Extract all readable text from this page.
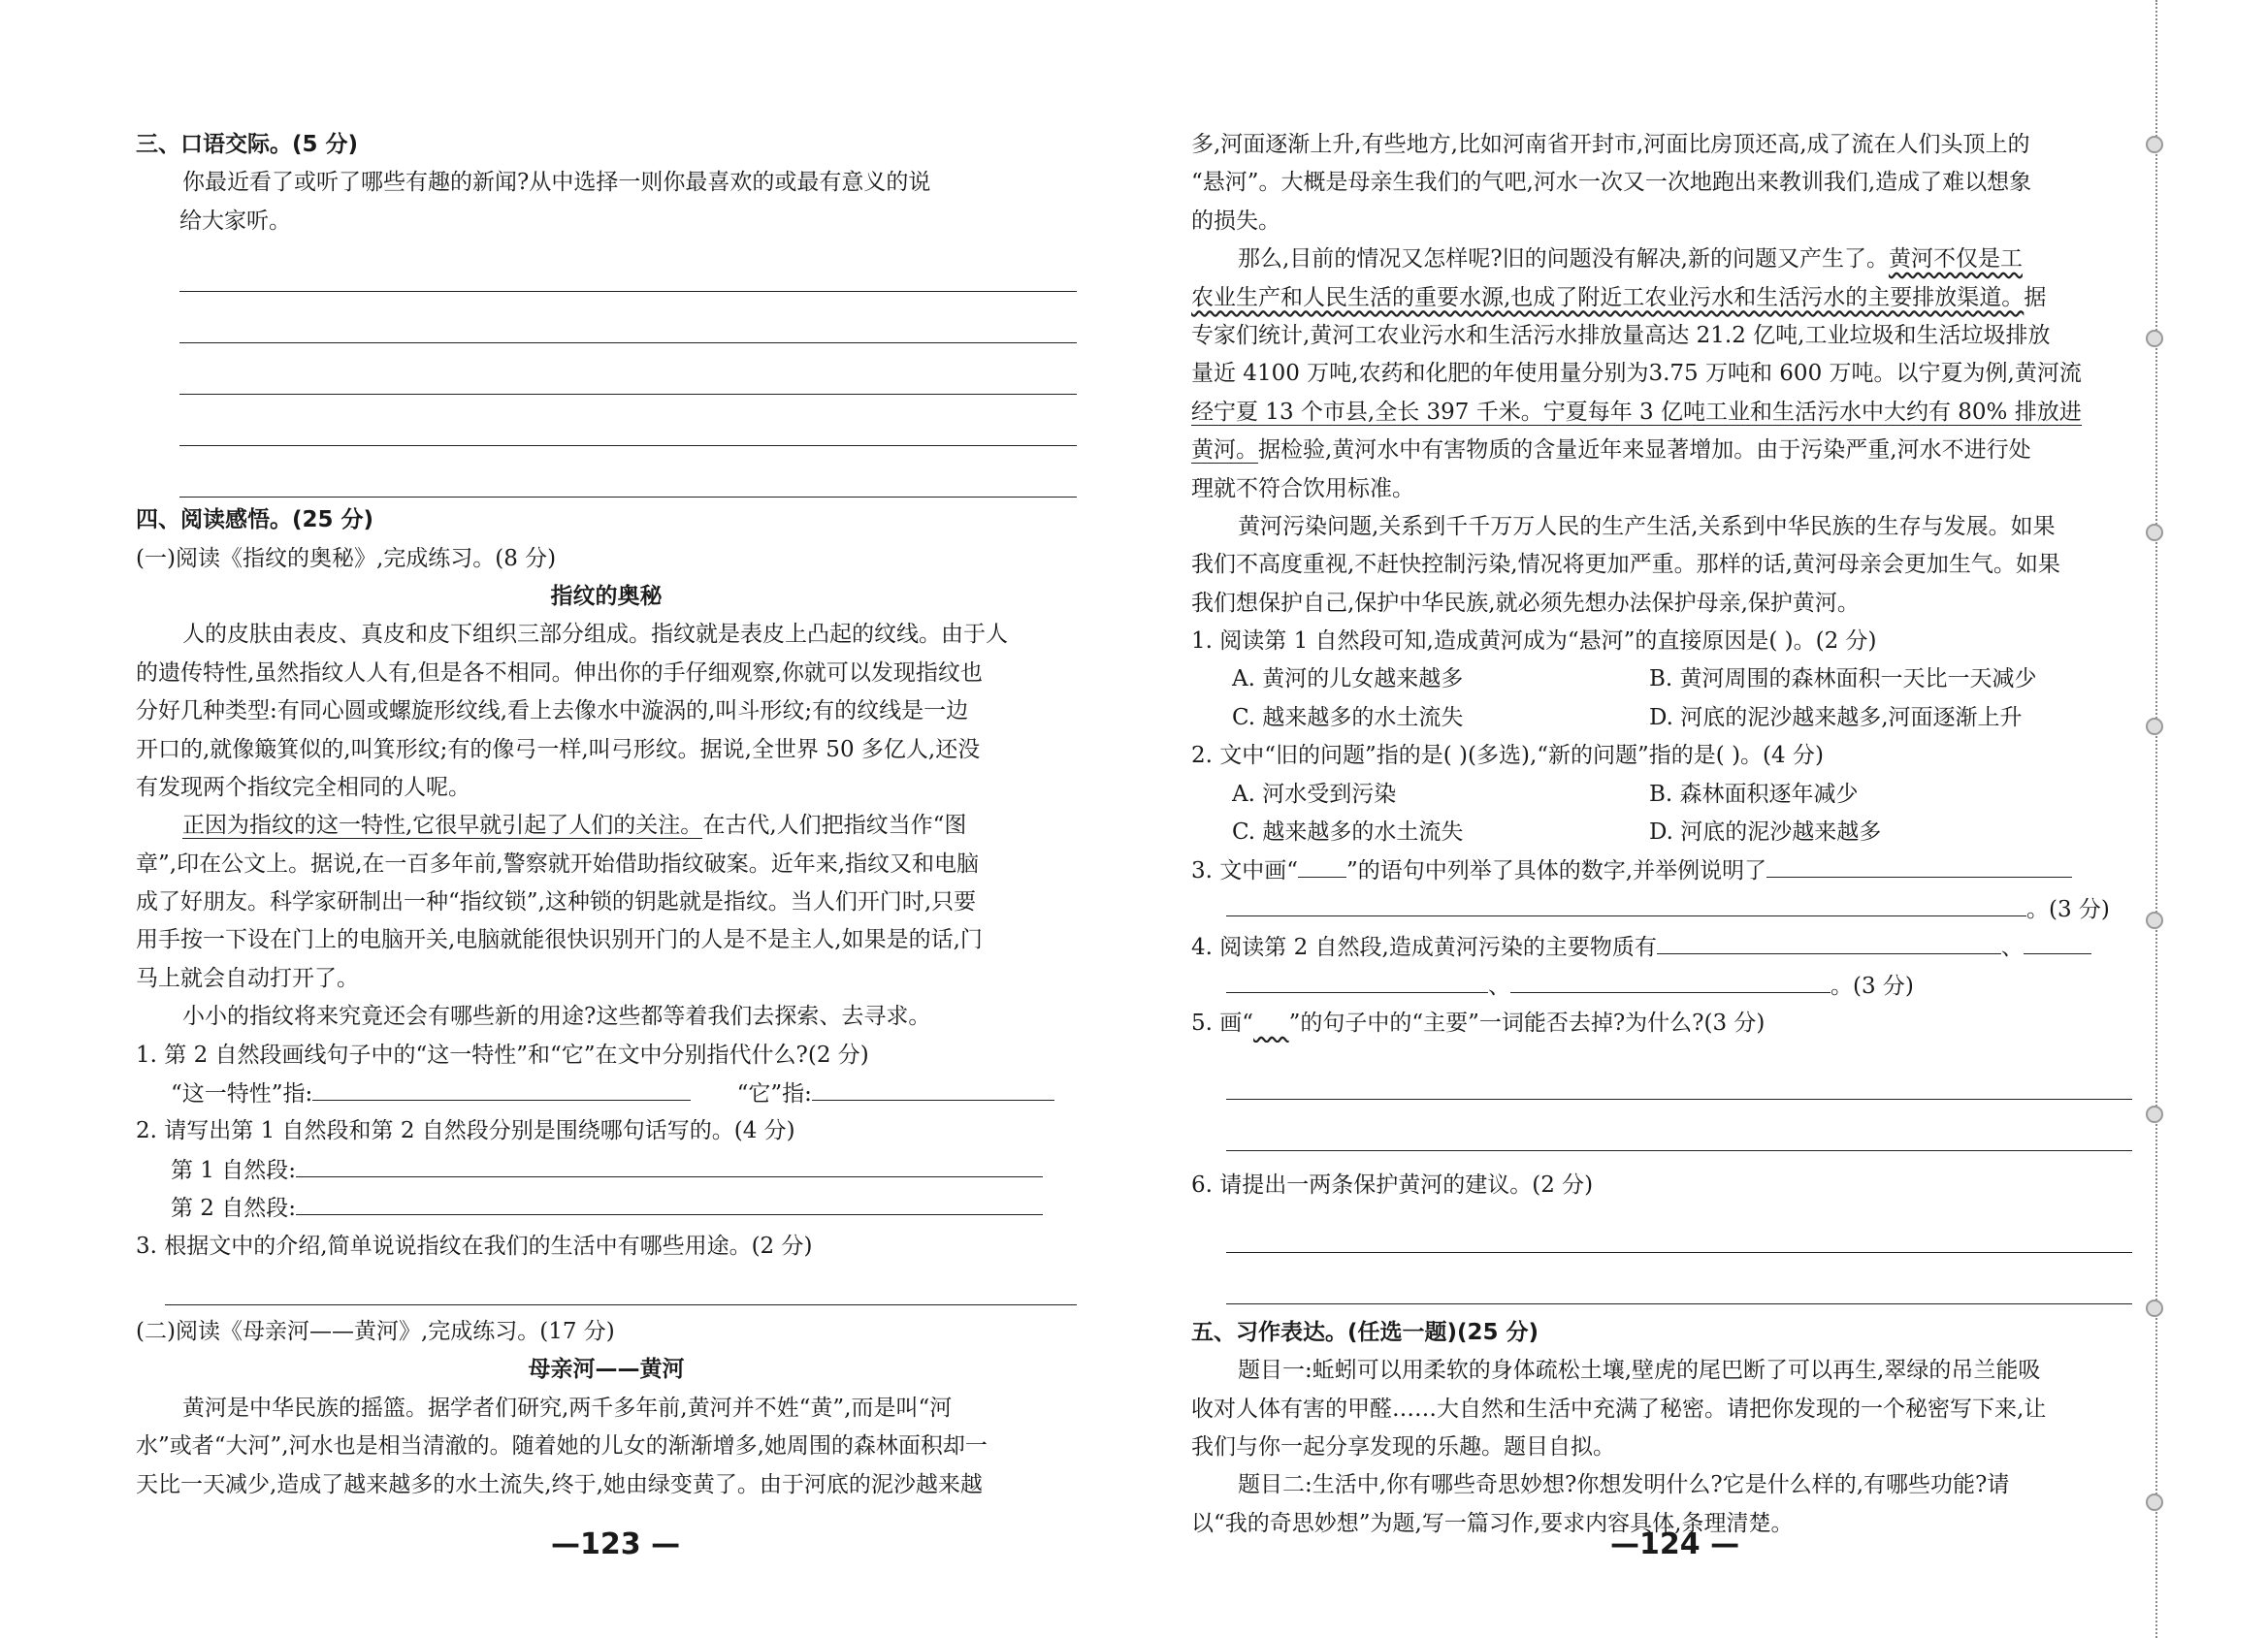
三、口语交际。(5 分)
你最近看了或听了哪些有趣的新闻?从中选择一则你最喜欢的或最有意义的说
给大家听。
四、阅读感悟。(25 分)
(一)阅读《指纹的奥秘》,完成练习。(8 分)
指纹的奥秘
人的皮肤由表皮、真皮和皮下组织三部分组成。指纹就是表皮上凸起的纹线。由于人
的遗传特性,虽然指纹人人有,但是各不相同。伸出你的手仔细观察,你就可以发现指纹也
分好几种类型:有同心圆或螺旋形纹线,看上去像水中漩涡的,叫斗形纹;有的纹线是一边
开口的,就像簸箕似的,叫箕形纹;有的像弓一样,叫弓形纹。据说,全世界 50 多亿人,还没
有发现两个指纹完全相同的人呢。
正因为指纹的这一特性,它很早就引起了人们的关注。在古代,人们把指纹当作“图
章”,印在公文上。据说,在一百多年前,警察就开始借助指纹破案。近年来,指纹又和电脑
成了好朋友。科学家研制出一种“指纹锁”,这种锁的钥匙就是指纹。当人们开门时,只要
用手按一下设在门上的电脑开关,电脑就能很快识别开门的人是不是主人,如果是的话,门
马上就会自动打开了。
小小的指纹将来究竟还会有哪些新的用途?这些都等着我们去探索、去寻求。
1. 第 2 自然段画线句子中的“这一特性”和“它”在文中分别指代什么?(2 分)
“这一特性”指:	“它”指:
2. 请写出第 1 自然段和第 2 自然段分别是围绕哪句话写的。(4 分)
第 1 自然段:
第 2 自然段:
3. 根据文中的介绍,简单说说指纹在我们的生活中有哪些用途。(2 分)
(二)阅读《母亲河——黄河》,完成练习。(17 分)
母亲河——黄河
黄河是中华民族的摇篮。据学者们研究,两千多年前,黄河并不姓“黄”,而是叫“河
水”或者“大河”,河水也是相当清澈的。随着她的儿女的渐渐增多,她周围的森林面积却一
天比一天减少,造成了越来越多的水土流失,终于,她由绿变黄了。由于河底的泥沙越来越
—123 —
多,河面逐渐上升,有些地方,比如河南省开封市,河面比房顶还高,成了流在人们头顶上的
“悬河”。大概是母亲生我们的气吧,河水一次又一次地跑出来教训我们,造成了难以想象
的损失。
那么,目前的情况又怎样呢?旧的问题没有解决,新的问题又产生了。黄河不仅是工
农业生产和人民生活的重要水源,也成了附近工农业污水和生活污水的主要排放渠道。据
专家们统计,黄河工农业污水和生活污水排放量高达 21.2 亿吨,工业垃圾和生活垃圾排放
量近 4100 万吨,农药和化肥的年使用量分别为3.75 万吨和 600 万吨。以宁夏为例,黄河流
经宁夏 13 个市县,全长 397 千米。宁夏每年 3 亿吨工业和生活污水中大约有 80% 排放进
黄河。据检验,黄河水中有害物质的含量近年来显著增加。由于污染严重,河水不进行处
理就不符合饮用标准。
黄河污染问题,关系到千千万万人民的生产生活,关系到中华民族的生存与发展。如果
我们不高度重视,不赶快控制污染,情况将更加严重。那样的话,黄河母亲会更加生气。如果
我们想保护自己,保护中华民族,就必须先想办法保护母亲,保护黄河。
1. 阅读第 1 自然段可知,造成黄河成为“悬河”的直接原因是( )。(2 分)
A. 黄河的儿女越来越多	B. 黄河周围的森林面积一天比一天减少
C. 越来越多的水土流失	D. 河底的泥沙越来越多,河面逐渐上升
2. 文中“旧的问题”指的是( )(多选),“新的问题”指的是( )。(4 分)
A. 河水受到污染	B. 森林面积逐年减少
C. 越来越多的水土流失	D. 河底的泥沙越来越多
3. 文中画“ ”的语句中列举了具体的数字,并举例说明了
。(3 分)
4. 阅读第 2 自然段,造成黄河污染的主要物质有	、
、	。(3 分)
5. 画“ ”的句子中的“主要”一词能否去掉?为什么?(3 分)
6. 请提出一两条保护黄河的建议。(2 分)
五、习作表达。(任选一题)(25 分)
题目一:蚯蚓可以用柔软的身体疏松土壤,壁虎的尾巴断了可以再生,翠绿的吊兰能吸
收对人体有害的甲醛……大自然和生活中充满了秘密。请把你发现的一个秘密写下来,让
我们与你一起分享发现的乐趣。题目自拟。
题目二:生活中,你有哪些奇思妙想?你想发明什么?它是什么样的,有哪些功能?请
以“我的奇思妙想”为题,写一篇习作,要求内容具体,条理清楚。
—124 —
